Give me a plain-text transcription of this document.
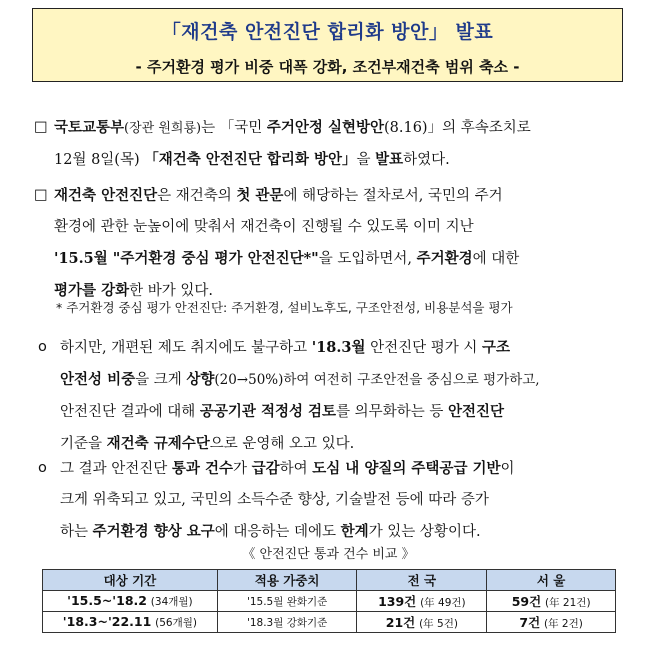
「재건축 안전진단 합리화 방안」 발표
- 주거환경 평가 비중 대폭 강화, 조건부재건축 범위 축소 -
□ 국토교통부(장관 원희룡)는 「국민 주거안정 실현방안(8.16)」의 후속조치로
12월 8일(목) 「재건축 안전진단 합리화 방안」을 발표하였다.
□ 재건축 안전진단은 재건축의 첫 관문에 해당하는 절차로서, 국민의 주거
환경에 관한 눈높이에 맞춰서 재건축이 진행될 수 있도록 이미 지난
'15.5월 "주거환경 중심 평가 안전진단*"을 도입하면서, 주거환경에 대한
평가를 강화한 바가 있다.
* 주거환경 중심 평가 안전진단: 주거환경, 설비노후도, 구조안전성, 비용분석을 평가
o 하지만, 개편된 제도 취지에도 불구하고 '18.3월 안전진단 평가 시 구조
안전성 비중을 크게 상향(20→50%)하여 여전히 구조안전을 중심으로 평가하고,
안전진단 결과에 대해 공공기관 적정성 검토를 의무화하는 등 안전진단
기준을 재건축 규제수단으로 운영해 오고 있다.
o 그 결과 안전진단 통과 건수가 급감하여 도심 내 양질의 주택공급 기반이
크게 위축되고 있고, 국민의 소득수준 향상, 기술발전 등에 따라 증가
하는 주거환경 향상 요구에 대응하는 데에도 한계가 있는 상황이다.
《 안전진단 통과 건수 비교 》
대상 기간	적용 가중치	전 국	서 울
'15.5~'18.2 (34개월)	'15.5월 완화기준	139건 (年 49건)	59건 (年 21건)
'18.3~'22.11 (56개월)	'18.3월 강화기준	21건 (年 5건)	7건 (年 2건)
